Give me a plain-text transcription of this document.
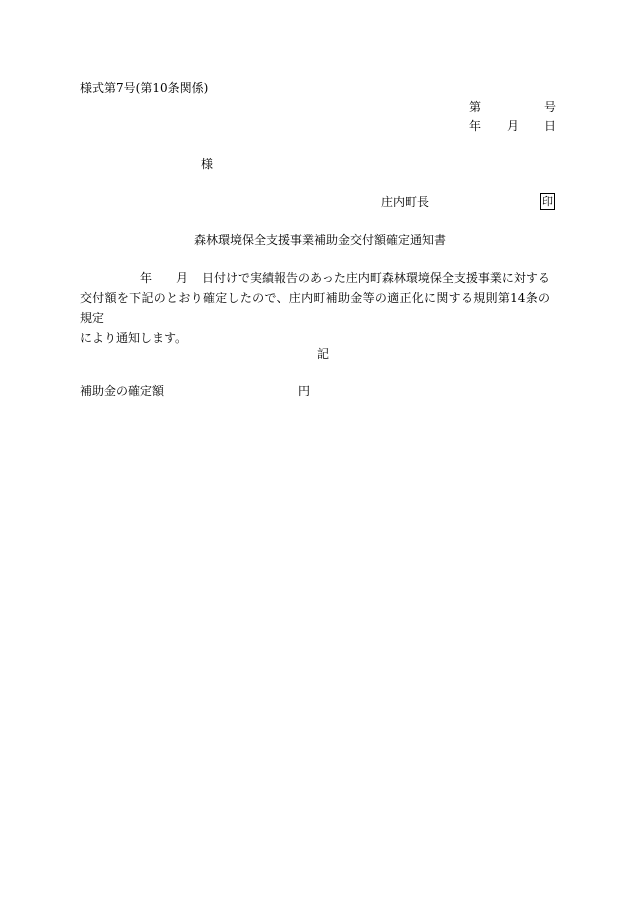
様式第7号(第10条関係)
第	号
年 月 日
様
庄内町長	印
森林環境保全支援事業補助金交付額確定通知書
年 月 日付けで実績報告のあった庄内町森林環境保全支援事業に対する
交付額を下記のとおり確定したので、庄内町補助金等の適正化に関する規則第14条の規定
により通知します。
記
補助金の確定額	円
